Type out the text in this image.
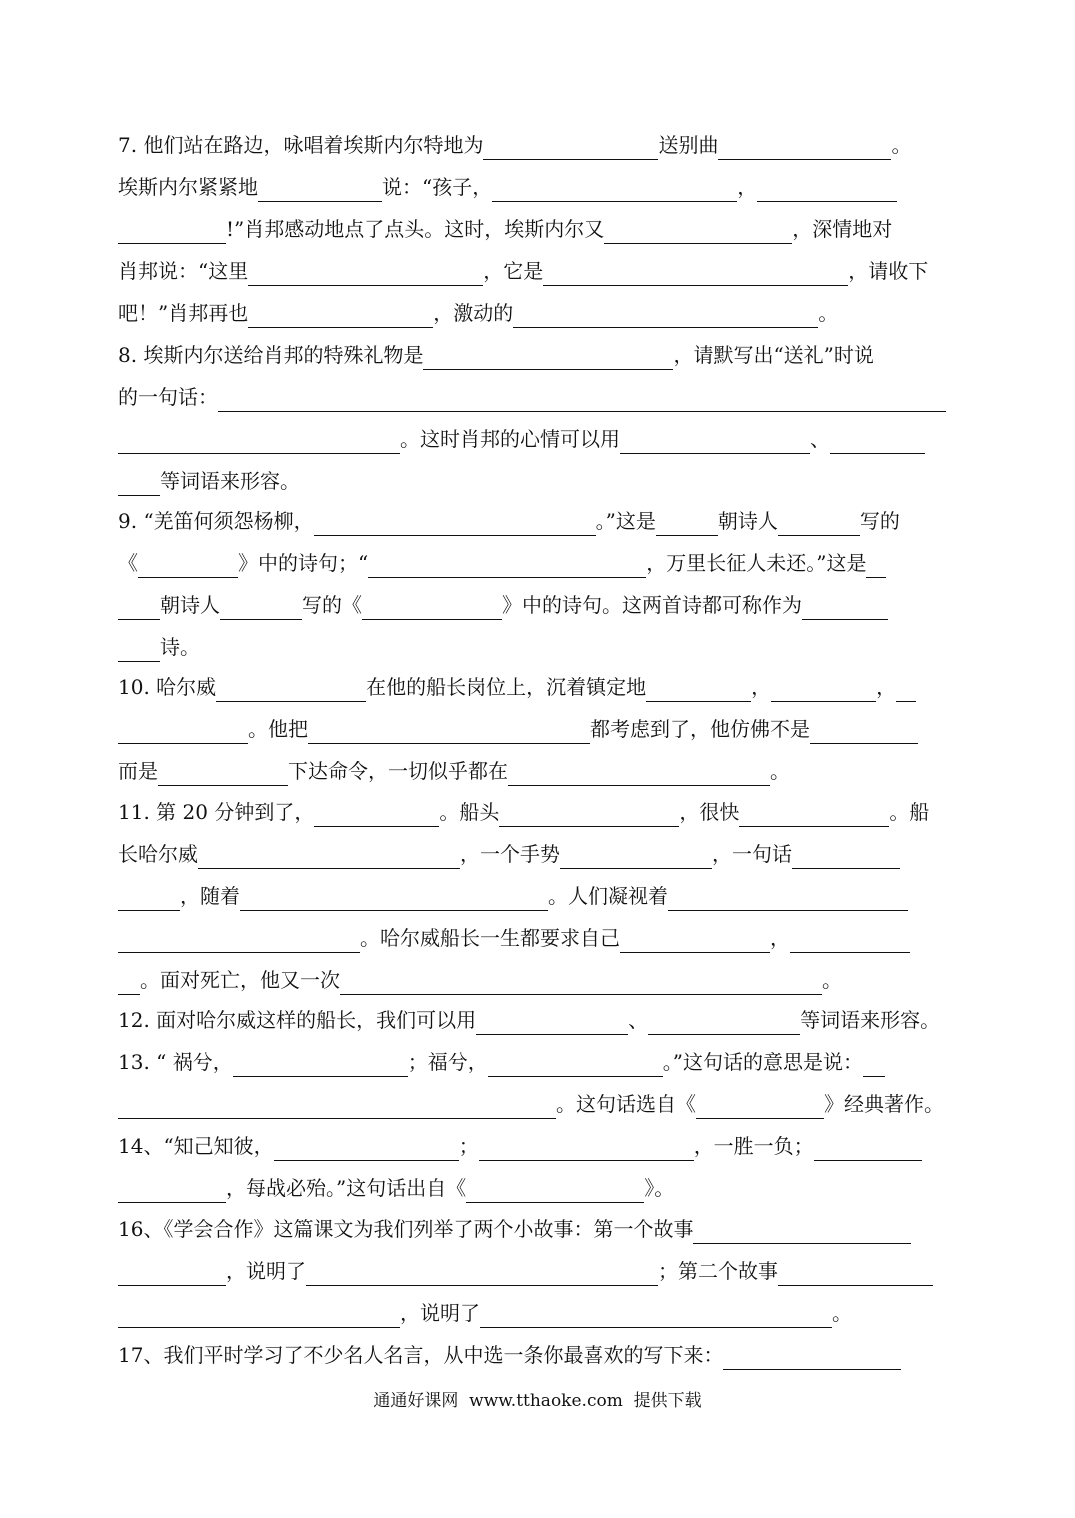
7. 他们站在路边，咏唱着埃斯内尔特地为	送别曲	。
埃斯内尔紧紧地	说：“孩子，	，
!”肖邦感动地点了点头。这时，埃斯内尔又	，深情地对
肖邦说：“这里	，它是	，请收下
吧！”肖邦再也	，激动的	。
8. 埃斯内尔送给肖邦的特殊礼物是	，请默写出“送礼”时说
的一句话：
。这时肖邦的心情可以用	、
等词语来形容。
9. “羌笛何须怨杨柳，	。”这是	朝诗人	写的
《	》中的诗句；“	，万里长征人未还。”这是
朝诗人	写的《	》中的诗句。这两首诗都可称作为
诗。
10. 哈尔威	在他的船长岗位上，沉着镇定地	，	，
。他把	都考虑到了，他仿佛不是
而是	下达命令，一切似乎都在	。
11. 第 20 分钟到了，	。船头	，很快	。船
长哈尔威	，一个手势	，一句话
，随着	。人们凝视着
。哈尔威船长一生都要求自己	，
。面对死亡，他又一次	。
12. 面对哈尔威这样的船长，我们可以用	、	等词语来形容。
13. “ 祸兮，	；福兮，	。”这句话的意思是说：
。这句话选自《	》经典著作。
14、“知己知彼，	；	，一胜一负；
，每战必殆。”这句话出自《	》。
16、《学会合作》这篇课文为我们列举了两个小故事：第一个故事
，说明了	；第二个故事
，说明了	。
17、我们平时学习了不少名人名言，从中选一条你最喜欢的写下来：
通通好课网 www.tthaoke.com 提供下载
